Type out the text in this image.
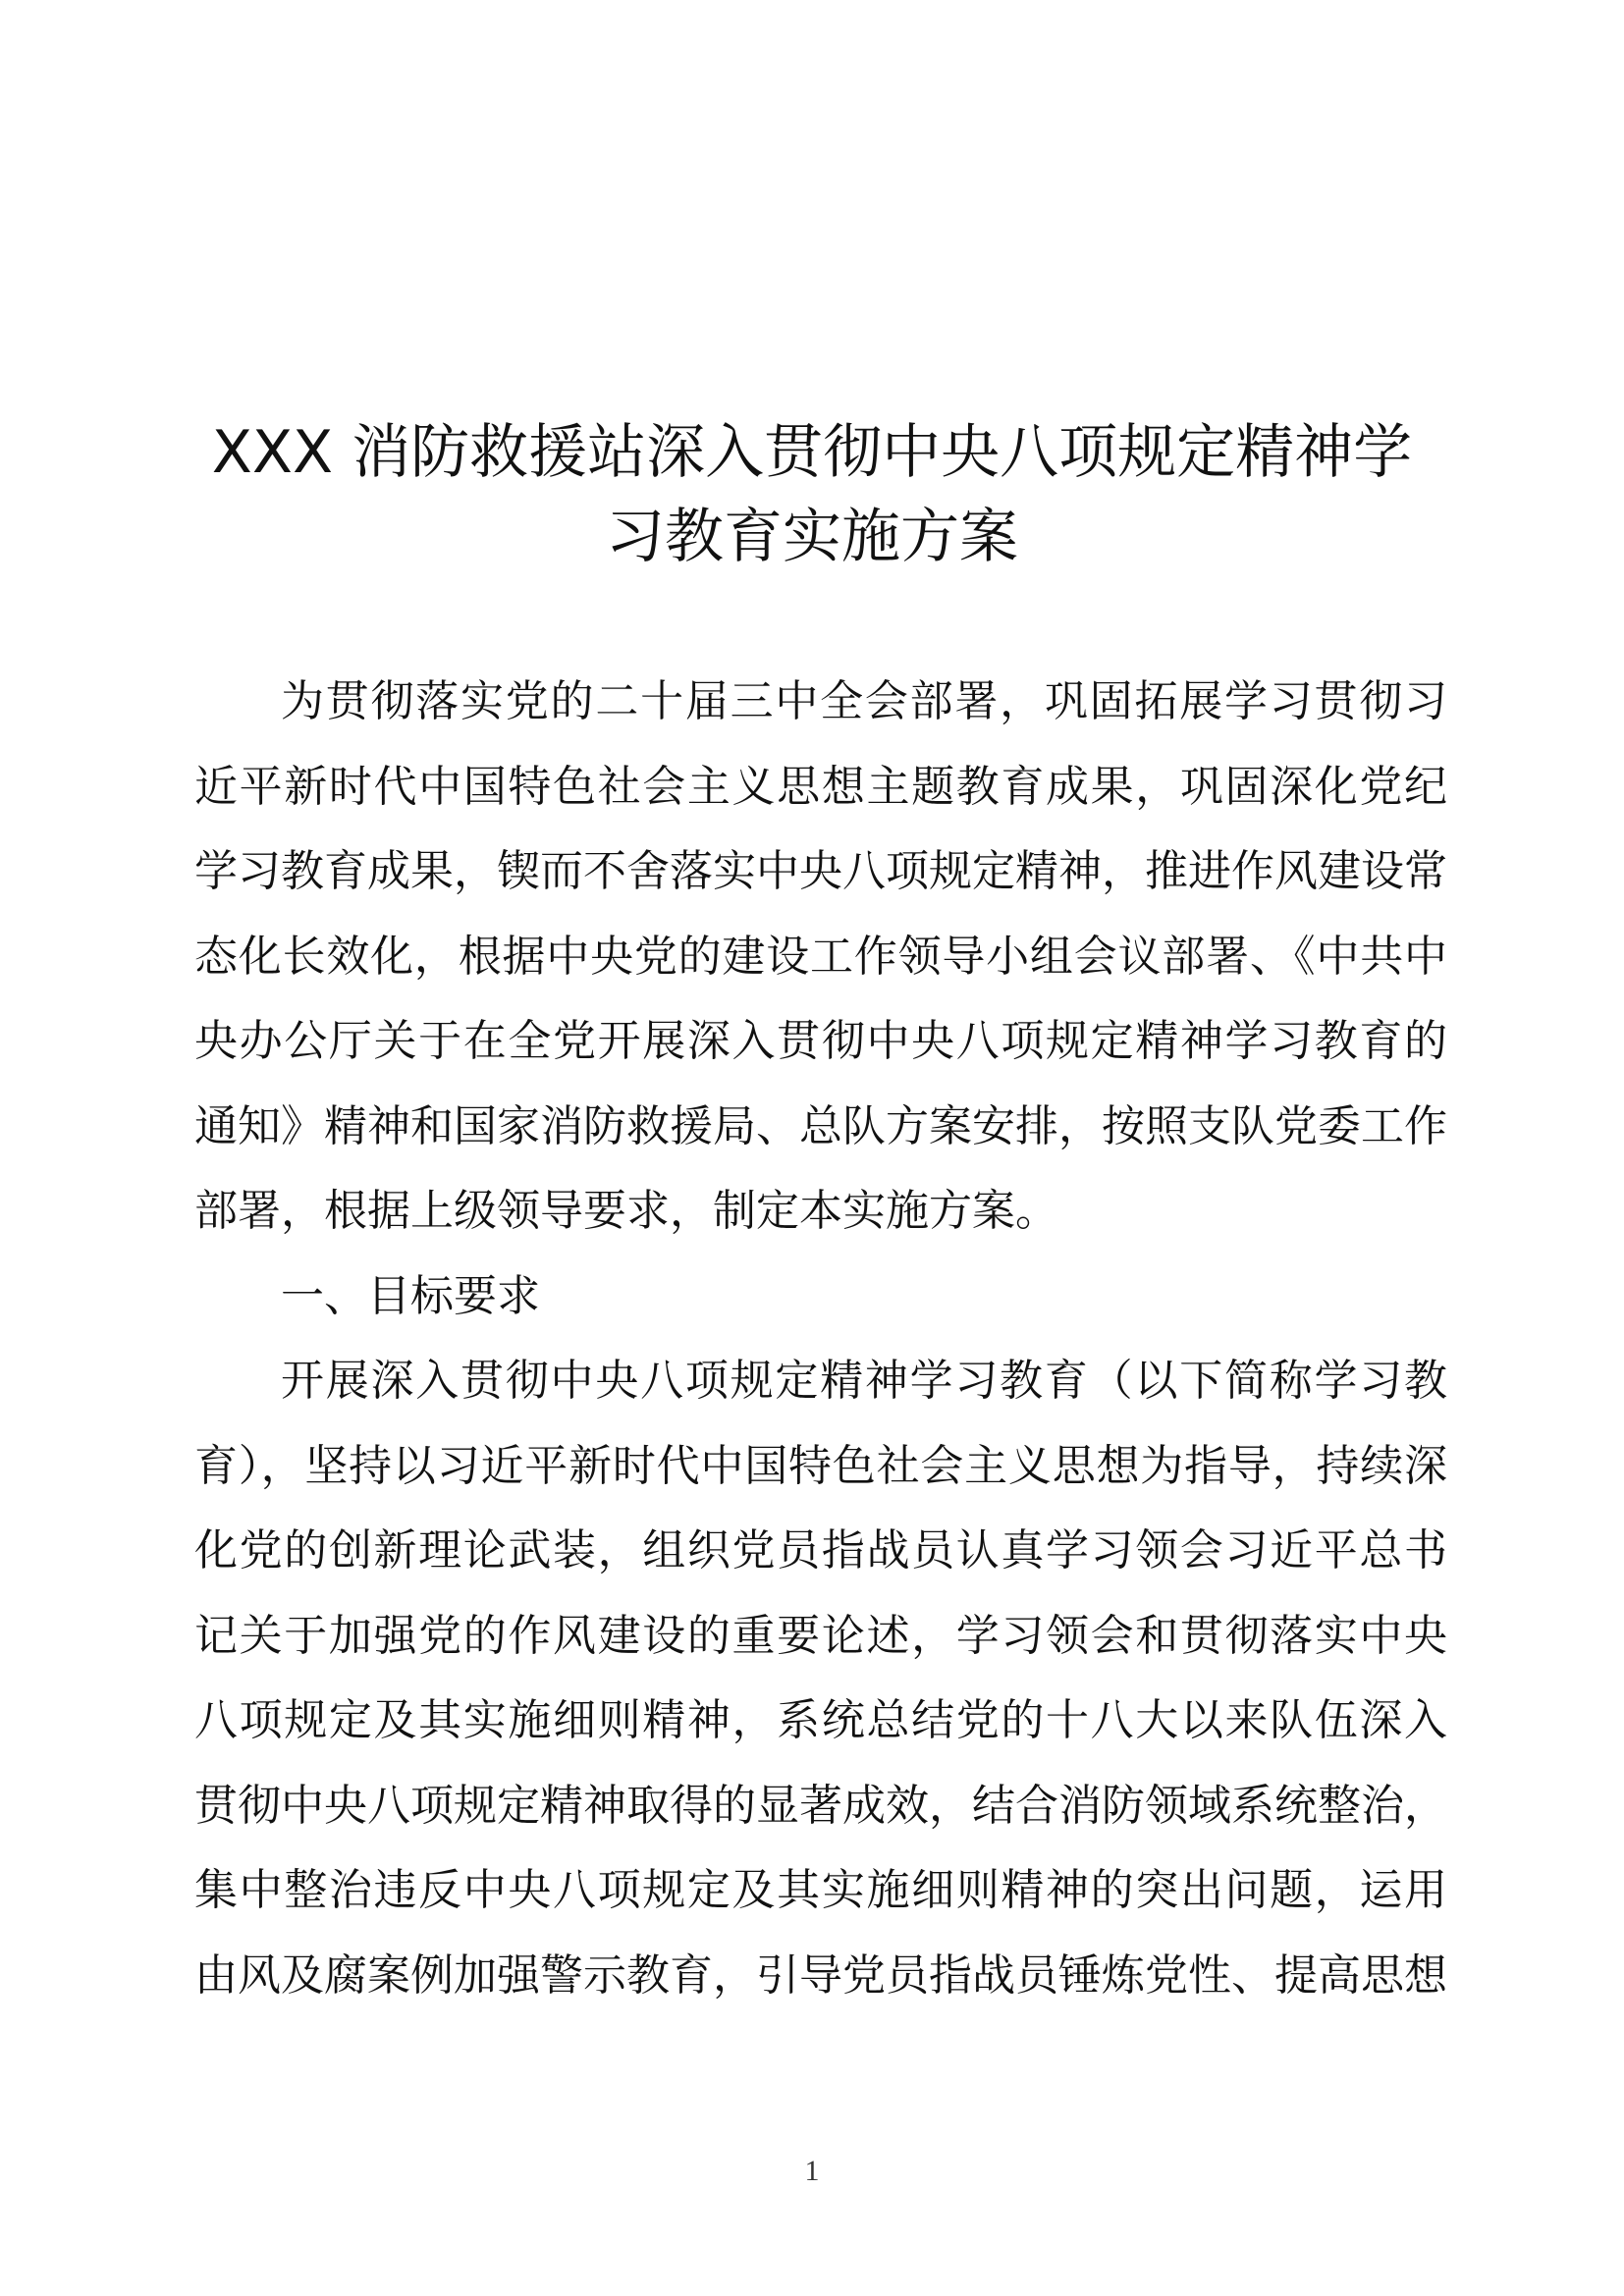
XXX 消防救援站深入贯彻中央八项规定精神学
习教育实施方案
为贯彻落实党的二十届三中全会部署，巩固拓展学习贯彻习
近平新时代中国特色社会主义思想主题教育成果，巩固深化党纪
学习教育成果，锲而不舍落实中央八项规定精神，推进作风建设常
态化长效化，根据中央党的建设工作领导小组会议部署、《中共中
央办公厅关于在全党开展深入贯彻中央八项规定精神学习教育的
通知》精神和国家消防救援局、总队方案安排，按照支队党委工作
部署，根据上级领导要求，制定本实施方案。
一、目标要求
开展深入贯彻中央八项规定精神学习教育（以下简称学习教
育），坚持以习近平新时代中国特色社会主义思想为指导，持续深
化党的创新理论武装，组织党员指战员认真学习领会习近平总书
记关于加强党的作风建设的重要论述，学习领会和贯彻落实中央
八项规定及其实施细则精神，系统总结党的十八大以来队伍深入
贯彻中央八项规定精神取得的显著成效，结合消防领域系统整治，
集中整治违反中央八项规定及其实施细则精神的突出问题，运用
由风及腐案例加强警示教育，引导党员指战员锤炼党性、提高思想
1
